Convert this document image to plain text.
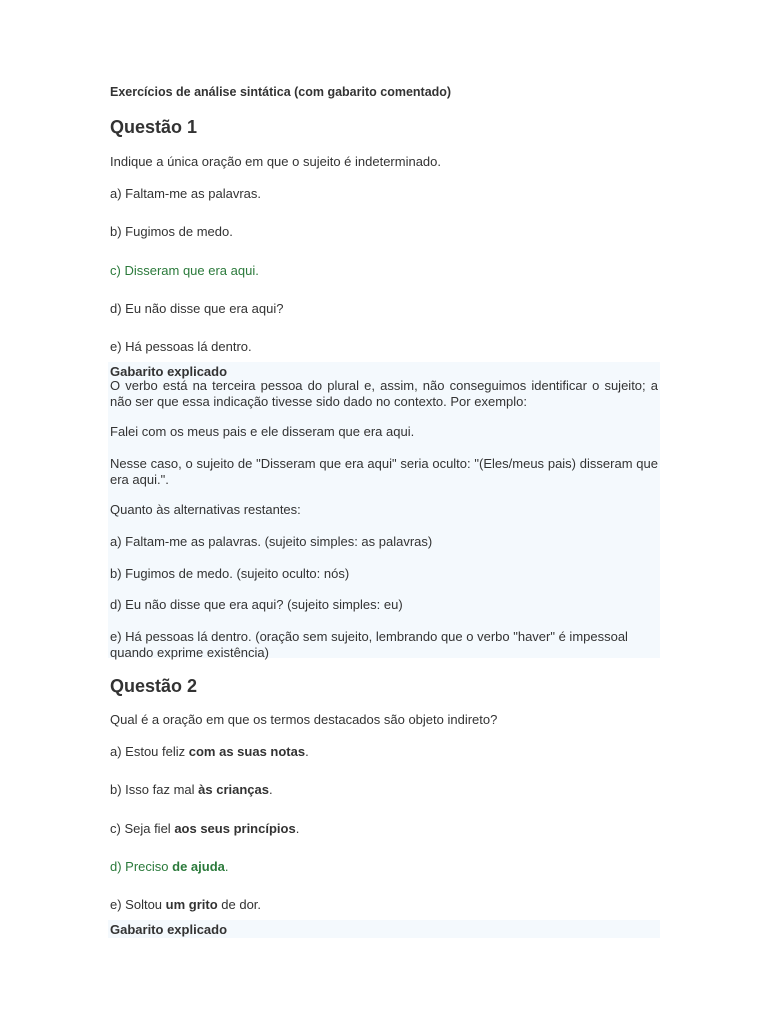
Exercícios de análise sintática (com gabarito comentado)
Questão 1
Indique a única oração em que o sujeito é indeterminado.
a) Faltam-me as palavras.
b) Fugimos de medo.
c) Disseram que era aqui.
d) Eu não disse que era aqui?
e) Há pessoas lá dentro.
Gabarito explicado
O verbo está na terceira pessoa do plural e, assim, não conseguimos identificar o sujeito; a não ser que essa indicação tivesse sido dado no contexto. Por exemplo:
Falei com os meus pais e ele disseram que era aqui.
Nesse caso, o sujeito de "Disseram que era aqui" seria oculto: "(Eles/meus pais) disseram que era aqui.".
Quanto às alternativas restantes:
a) Faltam-me as palavras. (sujeito simples: as palavras)
b) Fugimos de medo. (sujeito oculto: nós)
d) Eu não disse que era aqui? (sujeito simples: eu)
e) Há pessoas lá dentro. (oração sem sujeito, lembrando que o verbo "haver" é impessoal quando exprime existência)
Questão 2
Qual é a oração em que os termos destacados são objeto indireto?
a) Estou feliz com as suas notas.
b) Isso faz mal às crianças.
c) Seja fiel aos seus princípios.
d) Preciso de ajuda.
e) Soltou um grito de dor.
Gabarito explicado
